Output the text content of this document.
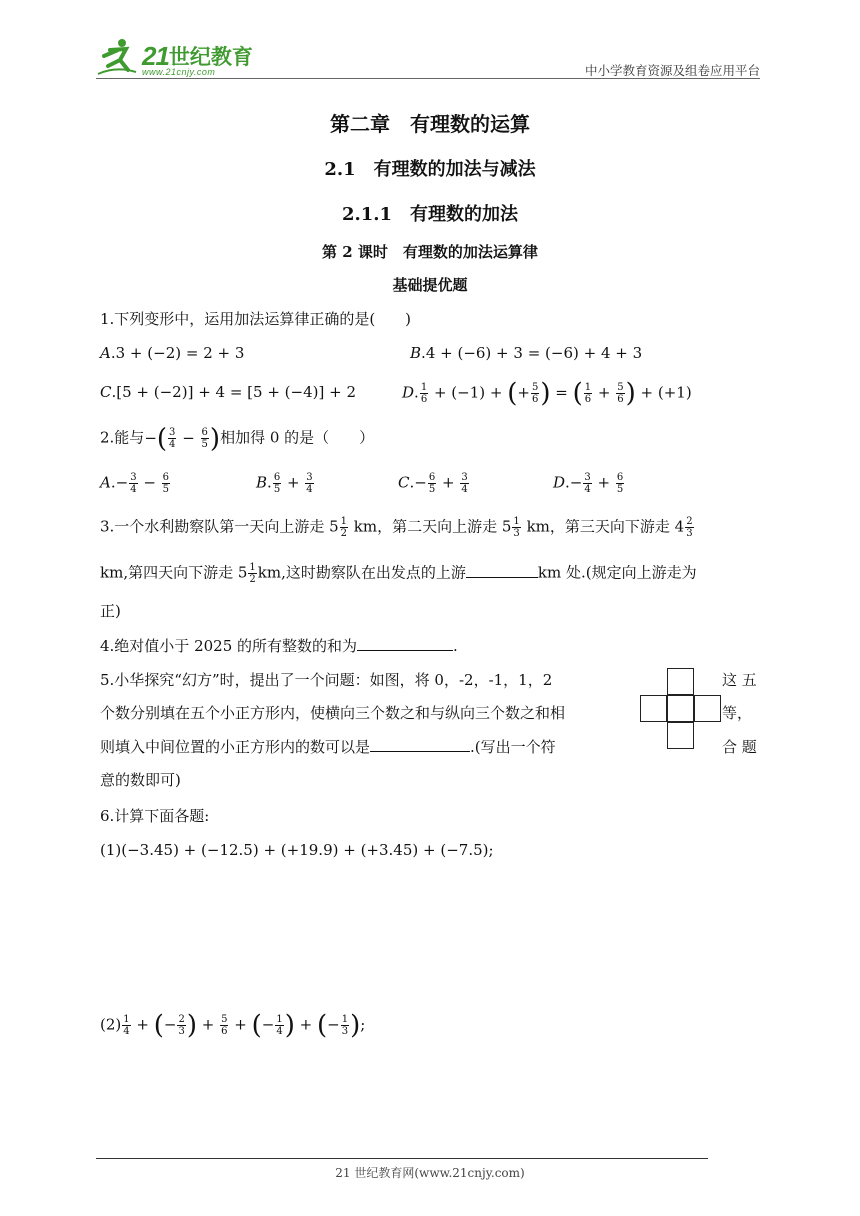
21 世纪教育
www.21cnjy.com	中小学教育资源及组卷应用平台
第二章　有理数的运算
2.1　有理数的加法与减法
2.1.1　有理数的加法
第 2 课时　有理数的加法运算律
基础提优题
1.下列变形中，运用加法运算律正确的是(　　)
A.3 + (−2) = 2 + 3	B.4 + (−6) + 3 = (−6) + 4 + 3
C.[5 + (−2)] + 4 = [5 + (−4)] + 2	D. $\frac{1}{6} + (-1)$ + (+ $\frac{5}{6}$ ) = ( $\frac{1}{6} + \frac{5}{6}$ ) + (+1)
2.能与−( $\frac{3}{4} - \frac{6}{5}$ )相加得 0 的是（　　）
$A.- \frac{3}{4} - \frac{6}{5}$	B. $\frac{6}{5} + \frac{3}{4}$	$C.- \frac{6}{5} + \frac{3}{4}$	$D.- \frac{3}{4} + \frac{6}{5}$
3.一个水利勘察队第一天向上游走 $5 \frac{1}{2}$ km，第二天向上游走 $5 \frac{1}{3}$ km，第三天向下游走 $4 \frac{2}{3}$
km,第四天向下游走 $5 \frac{1}{2}$ km,这时勘察队在出发点的上游	km 处.(规定向上游走为
正)
4.绝对值小于 2025 的所有整数的和为	.
5.小华探究“幻方”时，提出了一个问题：如图，将 0，-2，-1，1，2	这 五
个数分别填在五个小正方形内，使横向三个数之和与纵向三个数之和相	等，
则填入中间位置的小正方形内的数可以是	.(写出一个符	合 题
意的数即可)
6.计算下面各题:
(1)(−3.45) + (−12.5) + (+19.9) + (+3.45) + (−7.5);
$(2) \frac{1}{4}$ + (− $\frac{2}{3}$ ) + $\frac{5}{6}$ + (− $\frac{1}{4}$ ) + (− $\frac{1}{3}$ );
21 世纪教育网(www.21cnjy.com)
